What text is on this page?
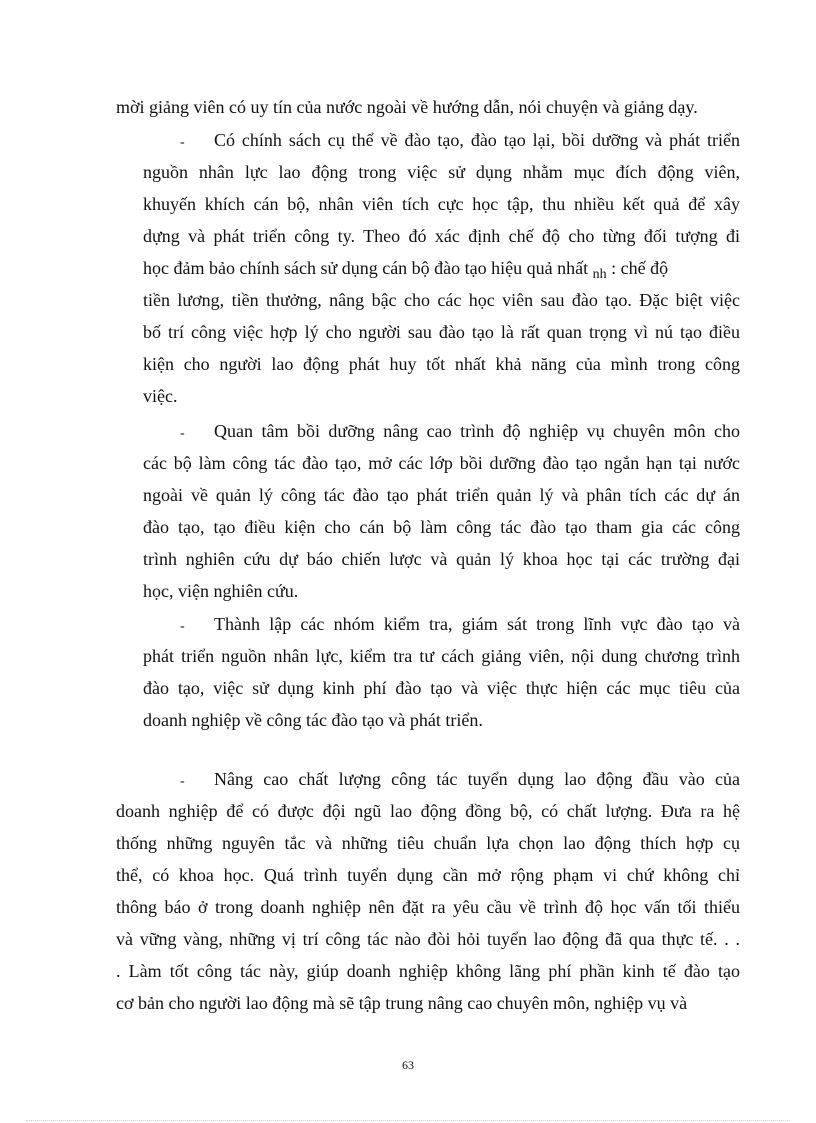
mời giảng viên có uy tín của nước ngoài về hướng dẫn, nói chuyện và giảng dạy.
- Có chính sách cụ thể về đào tạo, đào tạo lại, bồi dưỡng và phát triển
nguồn nhân lực lao động trong việc sử dụng nhằm mục đích động viên,
khuyến khích cán bộ, nhân viên tích cực học tập, thu nhiều kết quả để xây
dựng và phát triển công ty. Theo đó xác định chế độ cho từng đối tượng đi
học đảm bảo chính sách sử dụng cán bộ đào tạo hiệu quả nhất $_{nh}$ : chế độ
tiền lương, tiền thưởng, nâng bậc cho các học viên sau đào tạo. Đặc biệt việc
bố trí công việc hợp lý cho người sau đào tạo là rất quan trọng vì nú tạo điều
kiện cho người lao động phát huy tốt nhất khả năng của mình trong công
việc.
- Quan tâm bồi dưỡng nâng cao trình độ nghiệp vụ chuyên môn cho
các bộ làm công tác đào tạo, mở các lớp bồi dưỡng đào tạo ngắn hạn tại nước
ngoài về quản lý công tác đào tạo phát triển quản lý và phân tích các dự án
đào tạo, tạo điều kiện cho cán bộ làm công tác đào tạo tham gia các công
trình nghiên cứu dự báo chiến lược và quản lý khoa học tại các trường đại
học, viện nghiên cứu.
- Thành lập các nhóm kiểm tra, giám sát trong lĩnh vực đào tạo và
phát triển nguồn nhân lực, kiểm tra tư cách giảng viên, nội dung chương trình
đào tạo, việc sử dụng kinh phí đào tạo và việc thực hiện các mục tiêu của
doanh nghiệp về công tác đào tạo và phát triển.
- Nâng cao chất lượng công tác tuyển dụng lao động đầu vào của
doanh nghiệp để có được đội ngũ lao động đồng bộ, có chất lượng. Đưa ra hệ
thống những nguyên tắc và những tiêu chuẩn lựa chọn lao động thích hợp cụ
thể, có khoa học. Quá trình tuyển dụng cần mở rộng phạm vi chứ không chỉ
thông báo ở trong doanh nghiệp nên đặt ra yêu cầu về trình độ học vấn tối thiểu
và vững vàng, những vị trí công tác nào đòi hỏi tuyển lao động đã qua thực tế. . .
. Làm tốt công tác này, giúp doanh nghiệp không lãng phí phần kinh tế đào tạo
cơ bản cho người lao động mà sẽ tập trung nâng cao chuyên môn, nghiệp vụ và
63
